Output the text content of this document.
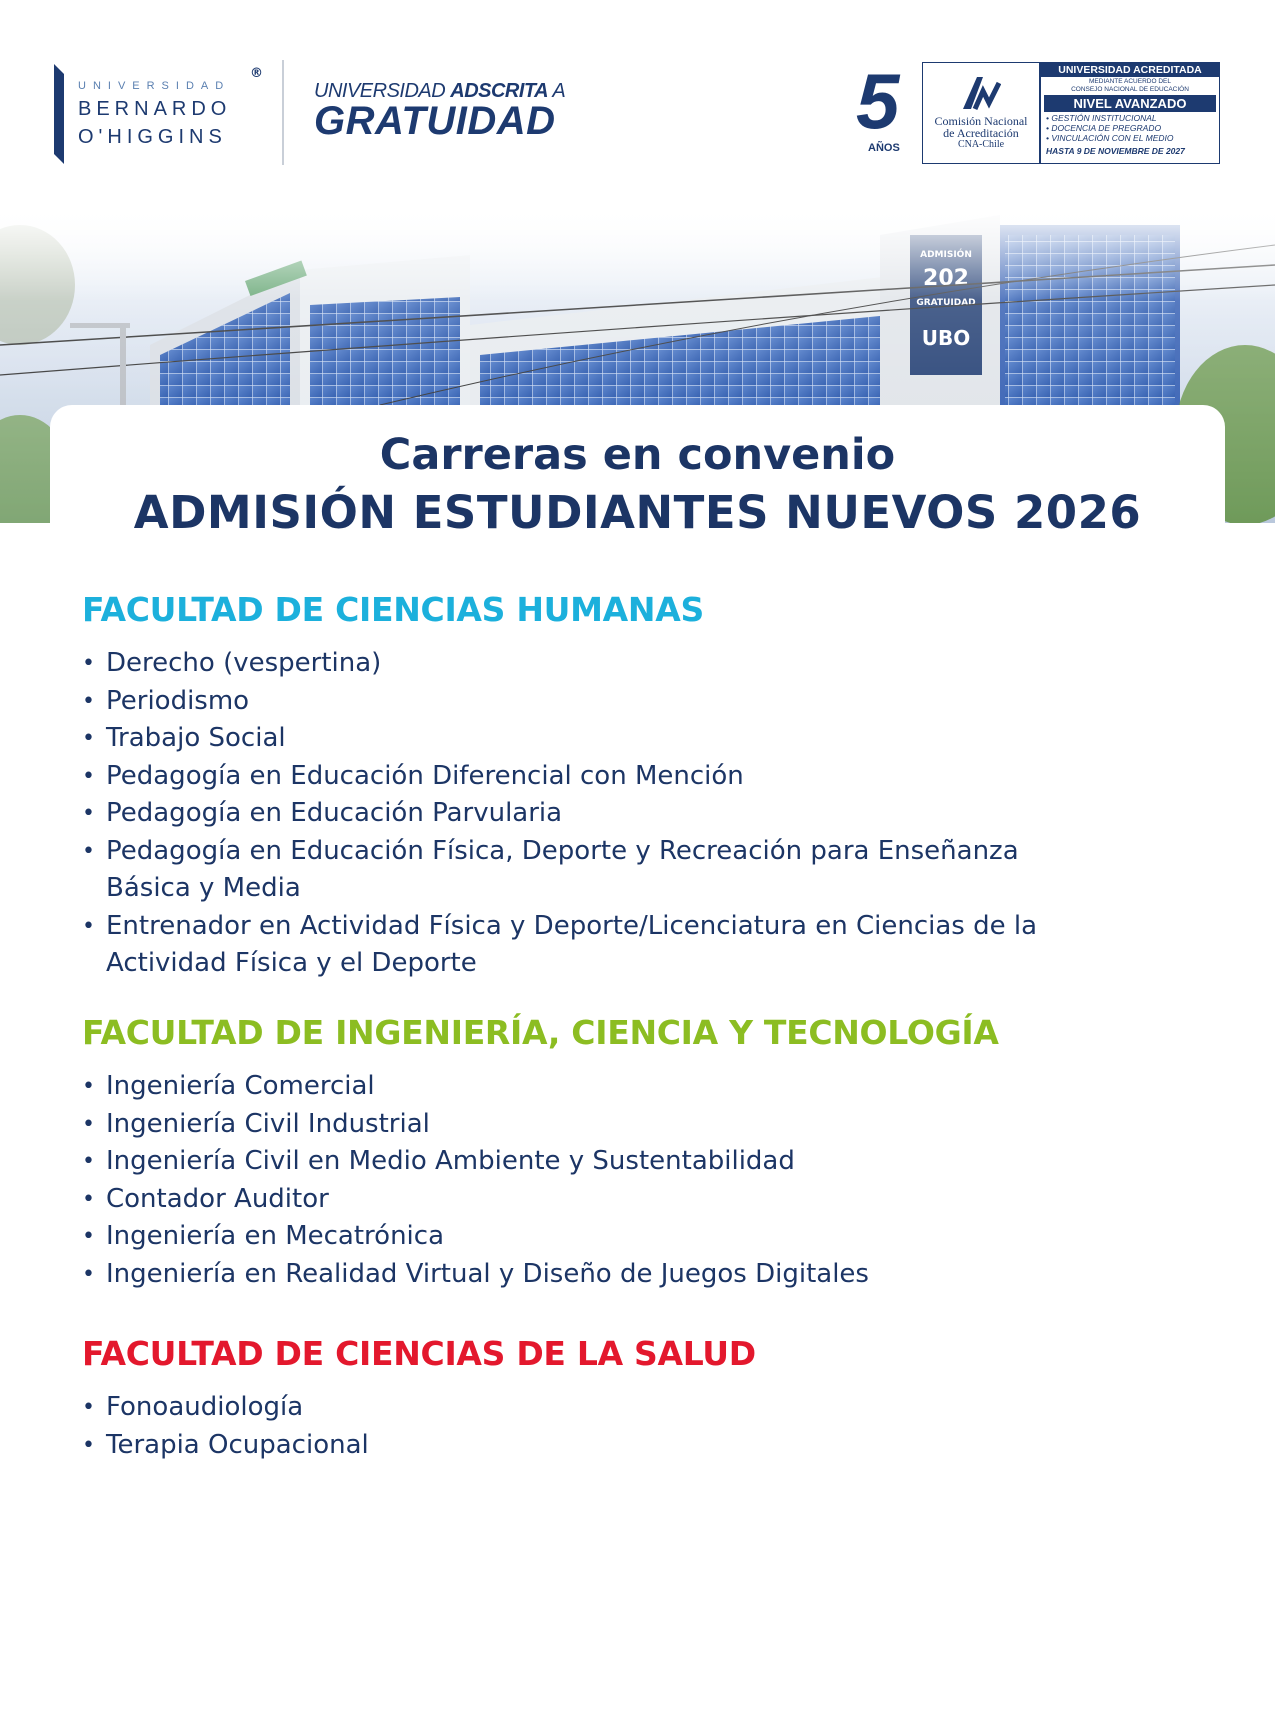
UNIVERSIDAD
BERNARDO
O'HIGGINS
®
UNIVERSIDAD ADSCRITA A
GRATUIDAD	5
AÑOS
Comisión Nacional
de Acreditación
CNA-Chile
UNIVERSIDAD ACREDITADA
MEDIANTE ACUERDO DEL
CONSEJO NACIONAL DE EDUCACIÓN
NIVEL AVANZADO
• GESTIÓN INSTITUCIONAL
• DOCENCIA DE PREGRADO
• VINCULACIÓN CON EL MEDIO
HASTA 9 DE NOVIEMBRE DE 2027
Carreras en convenio
ADMISIÓN ESTUDIANTES NUEVOS 2026
FACULTAD DE CIENCIAS HUMANAS
• Derecho (vespertina)
• Periodismo
• Trabajo Social
• Pedagogía en Educación Diferencial con Mención
• Pedagogía en Educación Parvularia
• Pedagogía en Educación Física, Deporte y Recreación para Enseñanza Básica y Media
• Entrenador en Actividad Física y Deporte/Licenciatura en Ciencias de la Actividad Física y el Deporte
FACULTAD DE INGENIERÍA, CIENCIA Y TECNOLOGÍA
• Ingeniería Comercial
• Ingeniería Civil Industrial
• Ingeniería Civil en Medio Ambiente y Sustentabilidad
• Contador Auditor
• Ingeniería en Mecatrónica
• Ingeniería en Realidad Virtual y Diseño de Juegos Digitales
FACULTAD DE CIENCIAS DE LA SALUD
• Fonoaudiología
• Terapia Ocupacional
